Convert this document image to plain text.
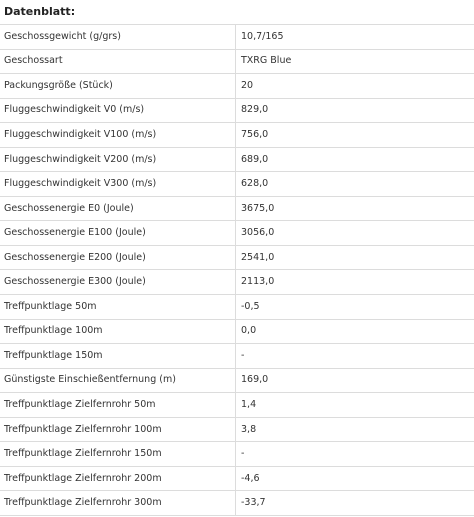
Datenblatt:
Geschossgewicht (g/grs)	10,7/165
Geschossart	TXRG Blue
Packungsgröße (Stück)	20
Fluggeschwindigkeit V0 (m/s)	829,0
Fluggeschwindigkeit V100 (m/s)	756,0
Fluggeschwindigkeit V200 (m/s)	689,0
Fluggeschwindigkeit V300 (m/s)	628,0
Geschossenergie E0 (Joule)	3675,0
Geschossenergie E100 (Joule)	3056,0
Geschossenergie E200 (Joule)	2541,0
Geschossenergie E300 (Joule)	2113,0
Treffpunktlage 50m	-0,5
Treffpunktlage 100m	0,0
Treffpunktlage 150m	-
Günstigste Einschießentfernung (m)	169,0
Treffpunktlage Zielfernrohr 50m	1,4
Treffpunktlage Zielfernrohr 100m	3,8
Treffpunktlage Zielfernrohr 150m	-
Treffpunktlage Zielfernrohr 200m	-4,6
Treffpunktlage Zielfernrohr 300m	-33,7
